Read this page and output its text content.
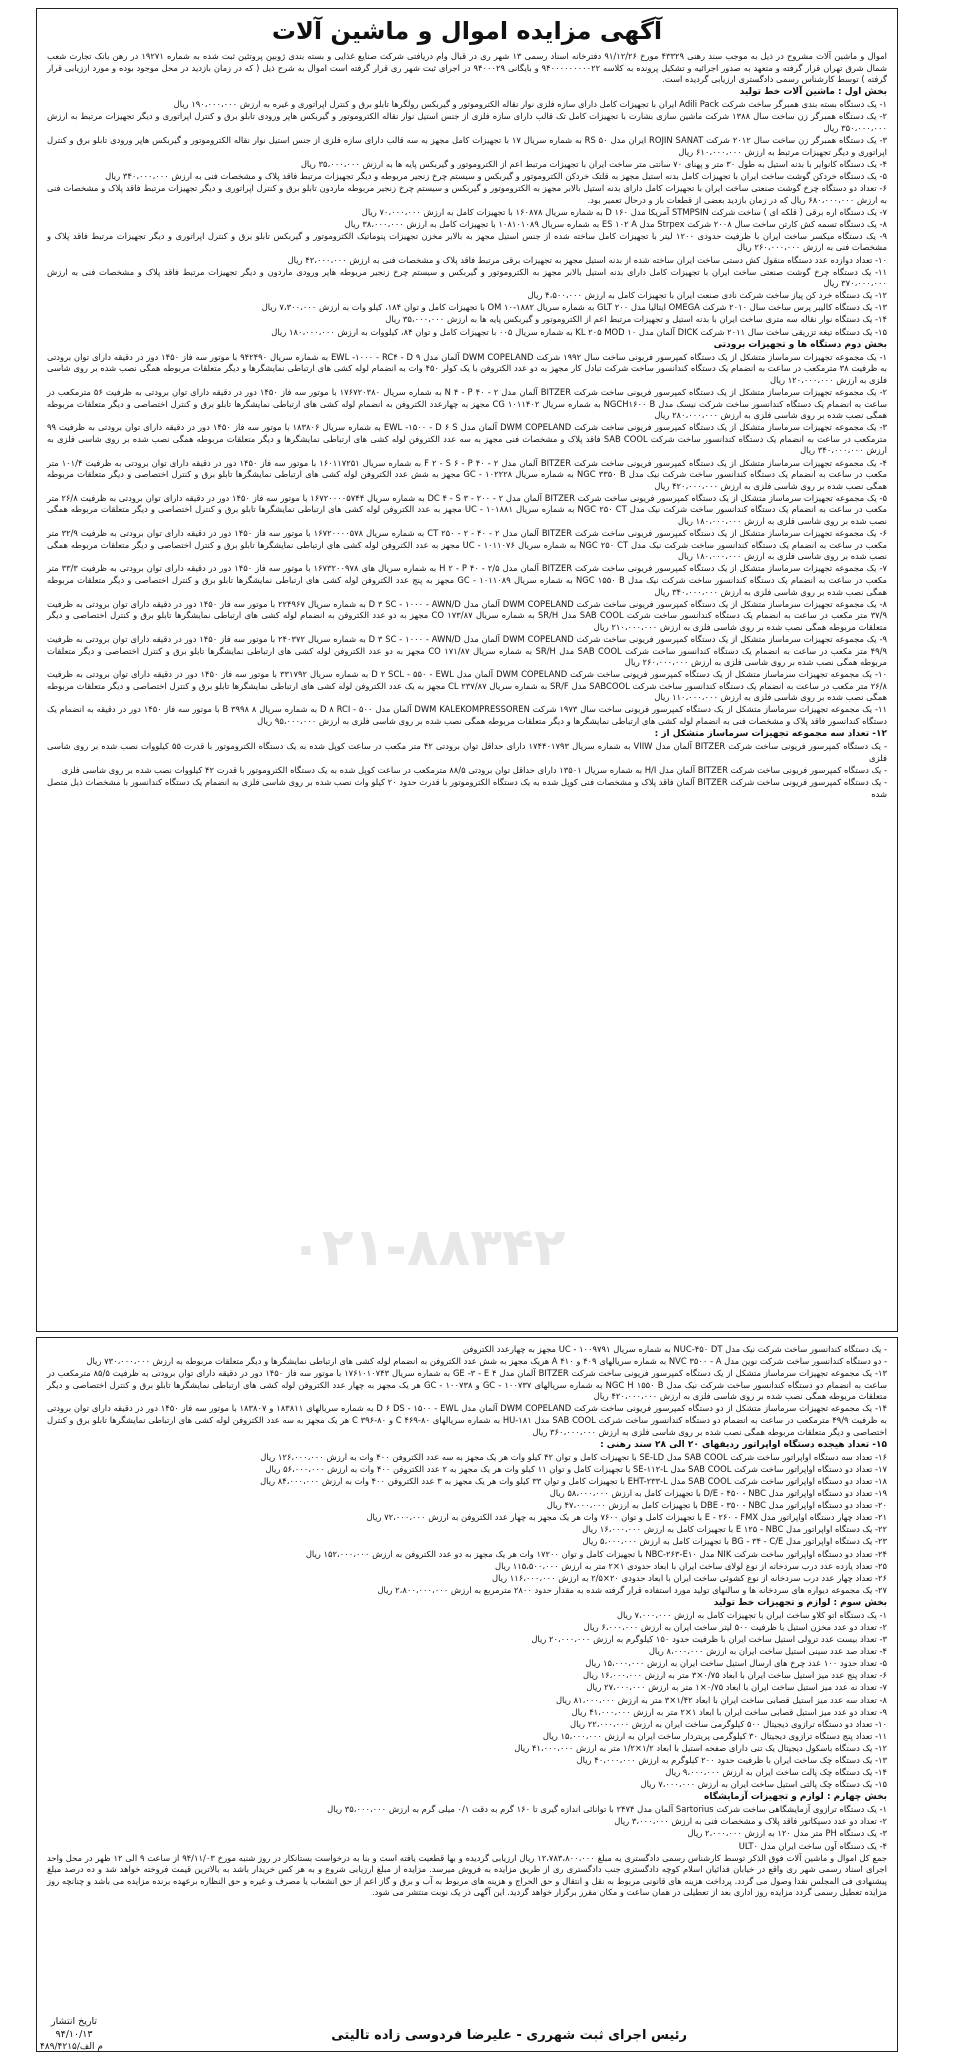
آگهی مزایده اموال و ماشین آلات
اموال و ماشین آلات مشروح در ذیل به موجب سند رهنی ۴۳۳۲۹ مورخ ۹۱/۱۲/۲۶ دفترخانه اسناد رسمی ۱۳ شهر ری در قبال وام دریافتی شرکت صنایع غذایی و بسته بندی ژوبین پروتئین ثبت شده به شماره ۱۹۲۷۱ در رهن بانک تجارت شعب شمال شرق تهران قرار گرفته و متعهد به صدور اجرائیه و تشکیل پرونده به کلاسه ۹۴۰۰۰۰۰۰۰۰۰۲۲ و بایگانی ۹۴۰۰۰۲۹ در اجرای ثبت شهر ری قرار گرفته است اموال به شرح ذیل ( که در زمان بازدید در محل موجود بوده و مورد ارزیابی قرار گرفته ) توسط کارشناس رسمی دادگستری ارزیابی گردیده است.
بخش اول : ماشین آلات خط تولید
۱- یک دستگاه بسته بندی همبرگر ساخت شرکت Adili Pack ایران با تجهیزات کامل دارای سازه فلزی نوار نقاله الکتروموتور و گیربکس رولگرها تابلو برق و کنترل اپراتوری و غیره به ارزش ۱۹۰،۰۰۰،۰۰۰ ریال
۲- یک دستگاه همبرگر زن ساخت سال ۱۳۸۸ شرکت ماشین سازی بشارت با تجهیزات کامل تک قالب دارای سازه فلزی از جنس استیل نوار نقاله الکتروموتور و گیربکس هاپر ورودی تابلو برق و کنترل اپراتوری و دیگر تجهیزات مرتبط به ارزش ۳۵۰،۰۰۰،۰۰۰ ریال
۳- یک دستگاه همبرگر زن ساخت سال ۲۰۱۲ شرکت ROJIN SANAT ایران مدل RS ۵۰ به شماره سریال ۱۷ با تجهیزات کامل مجهز به سه قالب دارای سازه فلزی از جنس استیل نوار نقاله الکتروموتور و گیربکس هاپر ورودی تابلو برق و کنترل اپراتوری و دیگر تجهیزات مرتبط به ارزش ۶۱۰،۰۰۰،۰۰۰ ریال
۴- یک دستگاه کانوایر با بدنه استیل به طول ۳۰ متر و پهنای ۷۰ سانتی متر ساخت ایران با تجهیزات مرتبط اعم از الکتروموتور و گیربکس پایه ها به ارزش ۳۵،۰۰۰،۰۰۰ ریال
۵- یک دستگاه خردکن گوشت ساخت ایران با تجهیزات کامل بدنه استیل مجهز به قلتک خردکن الکتروموتور و گیربکس و سیستم چرخ زنجیر مربوطه و دیگر تجهیزات مرتبط فاقد پلاک و مشخصات فنی به ارزش ۳۴۰،۰۰۰،۰۰۰ ریال
۶- تعداد دو دستگاه چرخ گوشت صنعتی ساخت ایران با تجهیزات کامل دارای بدنه استیل بالابر مجهز به الکتروموتور و گیربکس و سیستم چرخ زنجیر مربوطه ماردون تابلو برق و کنترل اپراتوری و دیگر تجهیزات مرتبط فاقد پلاک و مشخصات فنی به ارزش ۶۸۰،۰۰۰،۰۰۰ ریال که در زمان بازدید بعضی از قطعات باز و درحال تعمیر بود.
۷- یک دستگاه اره برقی ( قلکه ای ) ساخت شرکت STMPSIN آمریکا مدل ۱۶۰ D به شماره سریال ۱۶۰۸۷۸ با تجهیزات کامل به ارزش ۷۰،۰۰۰،۰۰۰ ریال
۸- یک دستگاه تسمه کش کارتن ساخت سال ۲۰۰۸ شرکت Strpex مدل ES ۱۰۲ A به شماره سریال ۱۰۸۱۰۱۰۸۹ با تجهیزات کامل به ارزش ۳۸،۰۰۰،۰۰۰ ریال
۹- یک دستگاه میکسر ساخت ایران با ظرفیت حدودی ۱۲۰۰ لیتر با تجهیزات کامل ساخته شده از جنس استیل مجهز به بالابر مخزن تجهیزات پنوماتیک الکتروموتور و گیربکس تابلو برق و کنترل اپراتوری و دیگر تجهیزات مرتبط فاقد پلاک و مشخصات فنی به ارزش ۲۶۰،۰۰۰،۰۰۰ ریال
۱۰- تعداد دوازده عدد دستگاه منقول کش دستی ساخت ایران ساخته شده از بدنه استیل مجهز به تجهیزات برقی مرتبط فاقد پلاک و مشخصات فنی به ارزش ۴۲،۰۰۰،۰۰۰ ریال
۱۱- یک دستگاه چرخ گوشت صنعتی ساخت ایران با تجهیزات کامل دارای بدنه استیل بالابر مجهز به الکتروموتور و گیربکس و سیستم چرخ زنجیر مربوطه هاپر ورودی ماردون و دیگر تجهیزات مرتبط فاقد پلاک و مشخصات فنی به ارزش ۳۷۰،۰۰۰،۰۰۰ ریال
۱۲- یک دستگاه خرد کن پیاز ساخت شرکت نادی صنعت ایران با تجهیزات کامل به ارزش ۴،۵۰۰،۰۰۰ ریال
۱۳- یک دستگاه کالیبر پرس ساخت سال ۲۰۱۰ شرکت OMEGA ایتالیا مدل GLT ۲۰۰ به شماره سریال ۱۸۸۲-۱۰ OM با تجهیزات کامل و توان ۱۸۴، کیلو وات به ارزش ۷،۳۰۰،۰۰۰ ریال
۱۴- یک دستگاه نوار نقاله سه متری ساخت ایران با بدنه استیل و تجهیزات مرتبط اعم از الکتروموتور و گیربکس پایه ها به ارزش ۳۵،۰۰۰،۰۰۰ ریال
۱۵- یک دستگاه تیغه تزریقی ساخت سال ۲۰۱۱ شرکت DICK آلمان مدل KL ۲۰۵ MOD ۱۰ به شماره سریال ۰۰۵ با تجهیزات کامل و توان ۸۴، کیلووات به ارزش ۱۸۰،۰۰۰،۰۰۰ ریال
بخش دوم دستگاه ها و تجهیزات برودتی
۱- یک مجموعه تجهیزات سرماساز متشکل از یک دستگاه کمپرسور فریونی ساخت سال ۱۹۹۲ شرکت DWM COPELAND آلمان مدل EWL -۱۰۰۰ - RC۴ - D ۹ به شماره سریال ۹۴۲۴۹۰ با موتور سه فاز ۱۴۵۰ دور در دقیقه دارای توان برودتی به ظرفیت ۳۸ مترمکعب در ساعت به انضمام یک دستگاه کندانسور ساخت شرکت تبادل کار مجهز به دو عدد الکتروفن با یک کولر ۴۵۰ وات به انضمام لوله کشی های ارتباطی نمایشگرها و دیگر متعلقات مربوطه همگی نصب شده بر روی شاسی فلزی به ارزش ۱۲۰،۰۰۰،۰۰۰ ریال
۲- یک مجموعه تجهیزات سرماساز متشکل از یک دستگاه کمپرسور فریونی ساخت شرکت BITZER آلمان مدل N ۴ - P ۴۰ - ۲ به شماره سریال ۱۷۶۷۲۰۳۸۰ با موتور سه فاز ۱۴۵۰ دور در دقیقه دارای توان برودتی به ظرفیت ۵۶ مترمکعب در ساعت به انضمام یک دستگاه کندانسور ساخت شرکت نیسک مدل NGCH۱۶۰۰ B به شماره سریال ۱۰۱۱۴۰۲ CG مجهز به چهارعدد الکتروفن به انضمام لوله کشی های ارتباطی نمایشگرها تابلو برق و کنترل اختصاصی و دیگر متعلقات مربوطه همگی نصب شده بر روی شاسی فلزی به ارزش ۲۸۰،۰۰۰،۰۰۰ ریال
۳- یک مجموعه تجهیزات سرماساز متشکل از یک دستگاه کمپرسور فریونی ساخت شرکت DWM COPELAND آلمان مدل EWL -۱۵۰۰ - D ۶ S به شماره سریال ۱۸۳۸۰۶ با موتور سه فاز ۱۴۵۰ دور در دقیقه دارای توان برودتی به ظرفیت ۹۹ مترمکعب در ساعت به انضمام یک دستگاه کندانسور ساخت شرکت SAB COOL فاقد پلاک و مشخصات فنی مجهز به سه عدد الکتروفن لوله کشی های ارتباطی نمایشگرها و دیگر متعلقات مربوطه همگی نصب شده بر روی شاسی فلزی به ارزش ۳۴۰،۰۰۰،۰۰۰ ریال
۴- یک مجموعه تجهیزات سرماساز متشکل از یک دستگاه کمپرسور فریونی ساخت شرکت BITZER آلمان مدل F ۲ - S ۶ - P ۴۰ - ۲ به شماره سریال ۱۶۰۱۱۷۲۵۱ با موتور سه فاز ۱۴۵۰ دور در دقیقه دارای توان برودتی به ظرفیت ۱۰۱/۴ متر مکعب در ساعت به انضمام یک دستگاه کندانسور ساخت شرکت نیک مدل NGC ۳۳۵۰ B به شماره سریال ۱۰۲۲۲۸ - GC مجهز به شش عدد الکتروفن لوله کشی های ارتباطی نمایشگرها تابلو برق و کنترل اختصاصی و دیگر متعلقات مربوطه همگی نصب شده بر روی شاسی فلزی به ارزش ۴۲۰،۰۰۰،۰۰۰ ریال
۵- یک مجموعه تجهیزات سرماساز متشکل از یک دستگاه کمپرسور فریونی ساخت شرکت BITZER آلمان مدل DC ۴ - S ۳ - ۲۰۰ - ۲ به شماره سریال ۱۶۷۲۰۰۰۰۵۷۴۴ با موتور سه فاز ۱۴۵۰ دور در دقیقه دارای توان برودتی به ظرفیت ۲۶/۸ متر مکعب در ساعت به انضمام یک دستگاه کندانسور ساخت شرکت نیک مدل NGC ۲۵۰ CT به شماره سریال ۱۰۱۸۸۱ - UC مجهز به عدد الکتروفن لوله کشی های ارتباطی نمایشگرها تابلو برق و کنترل اختصاصی و دیگر متعلقات مربوطه همگی نصب شده بر روی شاسی فلزی به ارزش ۱۸۰،۰۰۰،۰۰۰ ریال
۶- یک مجموعه تجهیزات سرماساز متشکل از یک دستگاه کمپرسور فریونی ساخت شرکت BITZER آلمان مدل CT ۲۵۰ - ۲ - ۴۰ - ۲ به شماره سریال ۱۶۷۲۰۰۰۰۵۷۸ با موتور سه فاز ۱۴۵۰ دور در دقیقه دارای توان برودتی به ظرفیت ۳۲/۹ متر مکعب در ساعت به انضمام یک دستگاه کندانسور ساخت شرکت نیک مدل NGC ۲۵۰ CT به شماره سریال ۱۰۱۱۰۷۶ - UC مجهز به عدد الکتروفن لوله کشی های ارتباطی نمایشگرها تابلو برق و کنترل اختصاصی و دیگر متعلقات مربوطه همگی نصب شده بر روی شاسی فلزی به ارزش ۱۸۰،۰۰۰،۰۰۰ ریال
۷- یک مجموعه تجهیزات سرماساز متشکل از یک دستگاه کمپرسور فریونی ساخت شرکت BITZER آلمان مدل H ۲ - P ۴۰ - ۲/۵ به شماره سریال های ۱۶۷۳۲۰۰۹۷۸ با موتور سه فاز ۱۴۵۰ دور در دقیقه دارای توان برودتی به ظرفیت ۳۳/۳ متر مکعب در ساعت به انضمام یک دستگاه کندانسور ساخت شرکت نیک مدل NGC ۱۵۵۰ B به شماره سریال ۱۰۱۱۰۸۹ - GC مجهز به پنج عدد الکتروفن لوله کشی های ارتباطی نمایشگرها تابلو برق و کنترل اختصاصی و دیگر متعلقات مربوطه همگی نصب شده بر روی شاسی فلزی به ارزش ۳۴۰،۰۰۰،۰۰۰ ریال
۸- یک مجموعه تجهیزات سرماساز متشکل از یک دستگاه کمپرسور فریونی ساخت شرکت DWM COPELAND آلمان مدل D ۳ SC - ۱۰۰۰ - AWN/D به شماره سریال ۲۲۴۹۶۷ با موتور سه فاز ۱۴۵۰ دور در دقیقه دارای توان برودتی به ظرفیت ۳۷/۹ متر مکعب در ساعت به انضمام یک دستگاه کندانسور ساخت شرکت SAB COOL مدل SR/H به شماره سریال CO ۱۷۳/۸۷ مجهز به دو عدد الکتروفن به انضمام لوله کشی های ارتباطی نمایشگرها تابلو برق و کنترل اختصاصی و دیگر متعلقات مربوطه همگی نصب شده بر روی شاسی فلزی به ارزش ۲۱۰،۰۰۰،۰۰۰ ریال
۹- یک مجموعه تجهیزات سرماساز متشکل از یک دستگاه کمپرسور فریونی ساخت شرکت DWM COPELAND آلمان مدل D ۳ SC - ۱۰۰۰ - AWN/D به شماره سریال ۲۴۰۳۷۲ با موتور سه فاز ۱۴۵۰ دور در دقیقه دارای توان برودتی به ظرفیت ۴۹/۹ متر مکعب در ساعت به انضمام یک دستگاه کندانسور ساخت شرکت SAB COOL مدل SR/H به شماره سریال CO ۱۷۱/۸۷ مجهز به دو عدد الکتروفن لوله کشی های ارتباطی نمایشگرها تابلو برق و کنترل اختصاصی و دیگر متعلقات مربوطه همگی نصب شده بر روی شاسی فلزی به ارزش ۲۶۰،۰۰۰،۰۰۰ ریال
۱۰- یک مجموعه تجهیزات سرماساز متشکل از یک دستگاه کمپرسور فریونی ساخت شرکت DWM COPELAND آلمان مدل D ۲ SCL - ۵۵۰ - EWL به شماره سریال ۳۳۱۷۹۲ با موتور سه فاز ۱۴۵۰ دور در دقیقه دارای توان برودتی به ظرفیت ۲۶/۸ متر مکعب در ساعت به انضمام یک دستگاه کندانسور ساخت شرکت SABCOOL مدل SR/F به شماره سریال CL ۲۳۷/۸۷ مجهز به یک عدد الکتروفن لوله کشی های ارتباطی نمایشگرها تابلو برق و کنترل اختصاصی و دیگر متعلقات مربوطه همگی نصب شده بر روی شاسی فلزی به ارزش ۱۱۰،۰۰۰،۰۰۰ ریال
۱۱- یک مجموعه تجهیزات سرماساز متشکل از یک دستگاه کمپرسور فریونی ساخت سال ۱۹۷۳ شرکت DWM KALEKOMPRESSOREN آلمان مدل D ۸ RCI - ۵۰۰ به شماره سریال B ۳۹۹۸ ۸ با موتور سه فاز ۱۴۵۰ دور در دقیقه به انضمام یک دستگاه کندانسور فاقد پلاک و مشخصات فنی به انضمام لوله کشی های ارتباطی نمایشگرها و دیگر متعلقات مربوطه همگی نصب شده بر روی شاسی فلزی به ارزش ۹۵،۰۰۰،۰۰۰ ریال
۱۲- تعداد سه مجموعه تجهیزات سرماساز متشکل از :
- یک دستگاه کمپرسور فریونی ساخت شرکت BITZER آلمان مدل VIIW به شماره سریال ۱۷۴۴۰۱۷۹۳ دارای حداقل توان برودتی ۴۲ متر مکعب در ساعت کوپل شده به یک دستگاه الکتروموتور با قدرت ۵۵ کیلووات نصب شده بر روی شاسی فلزی
- یک دستگاه کمپرسور فریونی ساخت شرکت BITZER آلمان مدل H/I به شماره سریال ۱۳۵۰۱ دارای حداقل توان برودتی ۸۸/۵ مترمکعب در ساعت کوپل شده به یک دستگاه الکتروموتور با قدرت ۴۲ کیلووات نصب شده بر روی شاسی فلزی
- یک دستگاه کمپرسور فریونی ساخت شرکت BITZER آلمان فاقد پلاک و مشخصات فنی کوپل شده به یک دستگاه الکتروموتور با قدرت حدود ۲۰ کیلو وات نصب شده بر روی شاسی فلزی به انضمام یک دستگاه کندانسور با مشخصات ذیل متصل شده
- یک دستگاه کندانسور ساخت شرکت نیک مدل NUC-۴۵۰ DT به شماره سریال ۱۰۰۹۷۹۱ - UC مجهز به چهارعدد الکتروفن
- دو دستگاه کندانسور ساخت شرکت نوین مدل NVC ۳۵۰۰ - A به شماره سریالهای ۴۰۹ و ۴۱۰ A هریک مجهز به شش عدد الکتروفن به انضمام لوله کشی های ارتباطی نمایشگرها و دیگر متعلقات مربوطه به ارزش ۷۳۰،۰۰۰،۰۰۰ ریال
۱۳- یک مجموعه تجهیزات سرماساز متشکل از یک دستگاه کمپرسور فریونی ساخت شرکت BITZER آلمان مدل GE -۳ - E ۴ به شماره سریال ۱۷۶۱۰۱۰۷۴۳ با موتور سه فاز ۱۴۵۰ دور در دقیقه دارای توان برودتی به ظرفیت ۸۵/۵ مترمکعب در ساعت به انضمام دو دستگاه کندانسور ساخت شرکت نیک مدل NGC H ۱۵۵۰ B به شماره سریالهای GC - ۱۰۰۷۳۷ و GC - ۱۰۰۷۳۸ هر یک مجهز به چهار عدد الکتروفن لوله کشی های ارتباطی نمایشگرها تابلو برق و کنترل اختصاصی و دیگر متعلقات مربوطه همگی نصب شده بر روی شاسی فلزی به ارزش ۴۲۰،۰۰۰،۰۰۰ ریال
۱۴- یک مجموعه تجهیزات سرماساز متشکل از دو دستگاه کمپرسور فریونی ساخت شرکت DWM COPELAND آلمان مدل D ۶ DS - ۱۵۰۰ - EWL به شماره سریالهای ۱۸۳۸۱۱ و ۱۸۳۸۰۷ با موتور سه فاز ۱۴۵۰ دور در دقیقه دارای توان برودتی به ظرفیت ۴۹/۹ مترمکعب در ساعت به انضمام دو دستگاه کندانسور ساخت شرکت SAB COOL مدل HU-۱۸۱ به شماره سریالهای C ۴۶۹-۸۰ و C ۳۹۶-۸۰ هر یک مجهز به سه عدد الکتروفن لوله کشی های ارتباطی نمایشگرها تابلو برق و کنترل اختصاصی و دیگر متعلقات مربوطه همگی نصب شده بر روی شاسی فلزی به ارزش ۳۶۰،۰۰۰،۰۰۰ ریال
۱۵- تعداد هیجده دستگاه اواپراتور ردیفهای ۲۰ الی ۲۸ سند رهنی :
۱۶- تعداد سه دستگاه اواپراتور ساخت شرکت SAB COOL مدل SE-LD با تجهیزات کامل و توان ۴۲ کیلو وات هر یک مجهز به سه عدد الکتروفن ۴۰۰ وات به ارزش ۱۲۶،۰۰۰،۰۰۰ ریال
۱۷- تعداد دو دستگاه اواپراتور ساخت شرکت SAB COOL مدل SE-۱۱۲-L با تجهیزات کامل و توان ۱۱ کیلو وات هر یک مجهز به ۲ عدد الکتروفن ۴۰۰ وات به ارزش ۵۶،۰۰۰،۰۰۰ ریال
۱۸- تعداد دو دستگاه اواپراتور ساخت شرکت SAB COOL مدل EHT-۲۳۳-L با تجهیزات کامل و توان ۳۳ کیلو وات هر یک مجهز به ۳ عدد الکتروفن ۴۰۰ وات به ارزش ۸۴،۰۰۰،۰۰۰ ریال
۱۹- تعداد دو دستگاه اواپراتور مدل D/E - ۴۵۰ - NBC با تجهیزات کامل به ارزش ۵۸،۰۰۰،۰۰۰ ریال
۲۰- تعداد دو دستگاه اواپراتور مدل DBE - ۳۵۰ - NBC با تجهیزات کامل به ارزش ۴۷،۰۰۰،۰۰۰ ریال
۲۱- تعداد چهار دستگاه اواپراتور مدل E - ۲۶۰ - FMX با تجهیزات کامل و توان ۷۶۰۰ وات هر یک مجهز به چهار عدد الکتروفن به ارزش ۷۲،۰۰۰،۰۰۰ ریال
۲۲- یک دستگاه اواپراتور مدل E ۱۲۵ - NBC با تجهیزات کامل به ارزش ۱۶،۰۰۰،۰۰۰ ریال
۲۳- یک دستگاه اواپراتور مدل BG - ۳۴ - C/E با تجهیزات کامل به ارزش ۵،۰۰۰،۰۰۰ ریال
۲۴- تعداد دو دستگاه اواپراتور ساخت شرکت NIK مدل NBC-۲۶۳-E۱۰ با تجهیزات کامل و توان ۱۷۲۰۰ وات هر یک مجهز به دو عدد الکتروفن به ارزش ۱۵۲،۰۰۰،۰۰۰ ریال
۲۵- تعداد یازده عدد درب سردخانه از نوع لولای ساخت ایران با ابعاد حدودی ۱×۲ متر به ارزش ۱۱۵،۵۰۰،۰۰۰ ریال
۲۶- تعداد چهار عدد درب سردخانه از نوع کشوئی ساخت ایران با ابعاد حدودی ۲۰×۲/۵ به ارزش ۱۱۶،۰۰۰،۰۰۰ ریال
۲۷- یک مجموعه دیواره های سردخانه ها و سالنهای تولید مورد استفاده قرار گرفته شده به مقدار حدود ۲۸۰۰ مترمربع به ارزش ۲،۸۰۰،۰۰۰،۰۰۰ ریال
بخش سوم : لوازم و تجهیزات خط تولید
۱- یک دستگاه اتو کلاو ساخت ایران با تجهیزات کامل به ارزش ۷،۰۰۰،۰۰۰ ریال
۲- تعداد دو عدد مخزن استیل با ظرفیت ۵۰۰ لیتر ساخت ایران به ارزش ۶،۰۰۰،۰۰۰ ریال
۳- تعداد بیست عدد ترولی استیل ساخت ایران با ظرفیت حدود ۱۵۰ کیلوگرم به ارزش ۲۰،۰۰۰،۰۰۰ ریال
۴- تعداد صد عدد سینی استیل ساخت ایران به ارزش ۸،۰۰۰،۰۰۰ ریال
۵- تعداد حدود ۱۰۰ عدد چرخ های ارسال استیل ساخت ایران به ارزش ۱۵،۰۰۰،۰۰۰ ریال
۶- تعداد پنج عدد میز استیل ساخت ایران با ابعاد ۰/۷۵×۳ متر به ارزش ۱۶،۰۰۰،۰۰۰ ریال
۷- تعداد نه عدد میز استیل ساخت ایران با ابعاد ۰/۷۵×۱ متر به ارزش ۲۷،۰۰۰،۰۰۰ ریال
۸- تعداد سه عدد میز استیل قصابی ساخت ایران با ابعاد ۱/۴۲×۳ متر به ارزش ۸۱،۰۰۰،۰۰۰ ریال
۹- تعداد دو عدد میز استیل قصابی ساخت ایران با ابعاد ۱×۲ متر به ارزش ۴۱،۰۰۰،۰۰۰ ریال
۱۰- تعداد دو دستگاه ترازوی دیجیتال ۵۰۰ کیلوگرمی ساخت ایران به ارزش ۲۲،۰۰۰،۰۰۰ ریال
۱۱- تعداد پنج دستگاه ترازوی دیجیتال ۳۰ کیلوگرمی پریتردار ساخت ایران به ارزش ۱۵،۰۰۰،۰۰۰ ریال
۱۲- یک دستگاه باسکول دیجیتال یک تنی دارای صفحه استیل با ابعاد ۱/۲×۱/۲ متر به ارزش ۴۱،۰۰۰،۰۰۰ ریال
۱۳- یک دستگاه چک ساخت ایران با ظرفیت حدود ۲۰۰ کیلوگرم به ارزش ۴۰،۰۰۰،۰۰۰ ریال
۱۴- یک دستگاه چک پالت ساخت ایران به ارزش ۹،۰۰۰،۰۰۰ ریال
۱۵- یک دستگاه چک پالتی استیل ساخت ایران به ارزش ۷،۰۰۰،۰۰۰ ریال
بخش چهارم : لوازم و تجهیزات آزمایشگاه
۱- یک دستگاه ترازوی آزمایشگاهی ساخت شرکت Sartorius آلمان مدل ۲۴۷۴ با توانائی اندازه گیری تا ۱۶۰ گرم به دقت ۰/۱ میلی گرم به ارزش ۳۵،۰۰۰،۰۰۰ ریال
۲- تعداد دو عدد دسیکاتور فاقد پلاک و مشخصات فنی به ارزش ۳،۰۰۰،۰۰۰ ریال
۳- یک دستگاه PH متر مدل ۱۲۰ به ارزش ۲،۰۰۰،۰۰۰ ریال
۴- یک دستگاه آون ساخت ایران مدل ULT۰
جمع کل اموال و ماشین آلات فوق الذکر توسط کارشناس رسمی دادگستری به مبلغ ۱۲،۷۸۳،۸۰۰،۰۰۰ ریال ارزیابی گردیده و بها قطعیت یافته است و بنا به درخواست بستانکار در روز شنبه مورخ ۹۴/۱۱/۰۳ از ساعت ۹ الی ۱۲ ظهر در محل واحد اجرای اسناد رسمی شهر ری واقع در خیابان فدائیان اسلام کوچه دادگستری جنب دادگستری ری از طریق مزایده به فروش میرسد. مزایده از مبلغ ارزیابی شروع و به هر کس خریدار باشد به بالاترین قیمت فروخته خواهد شد و ده درصد مبلغ پیشنهادی فی المجلس نقدا وصول می گردد. پرداخت هزینه های قانونی مربوط به نقل و انتقال و حق الحراج و هزینه های مربوط به آب و برق و گاز اعم از حق انشعاب یا مصرف و غیره و حق النظاره برعهده برنده مزایده می باشد و چنانچه روز مزایده تعطیل رسمی گردد مزایده روز اداری بعد از تعطیلی در همان ساعت و مکان مقرر برگزار خواهد گردید. این آگهی در یک نوبت منتشر می شود.
رئیس اجرای ثبت شهرری - علیرضا فردوسی زاده تالیتی
تاریخ انتشار
۹۴/۱۰/۱۳
م الف/۴۸۹/۴۲۱۵
